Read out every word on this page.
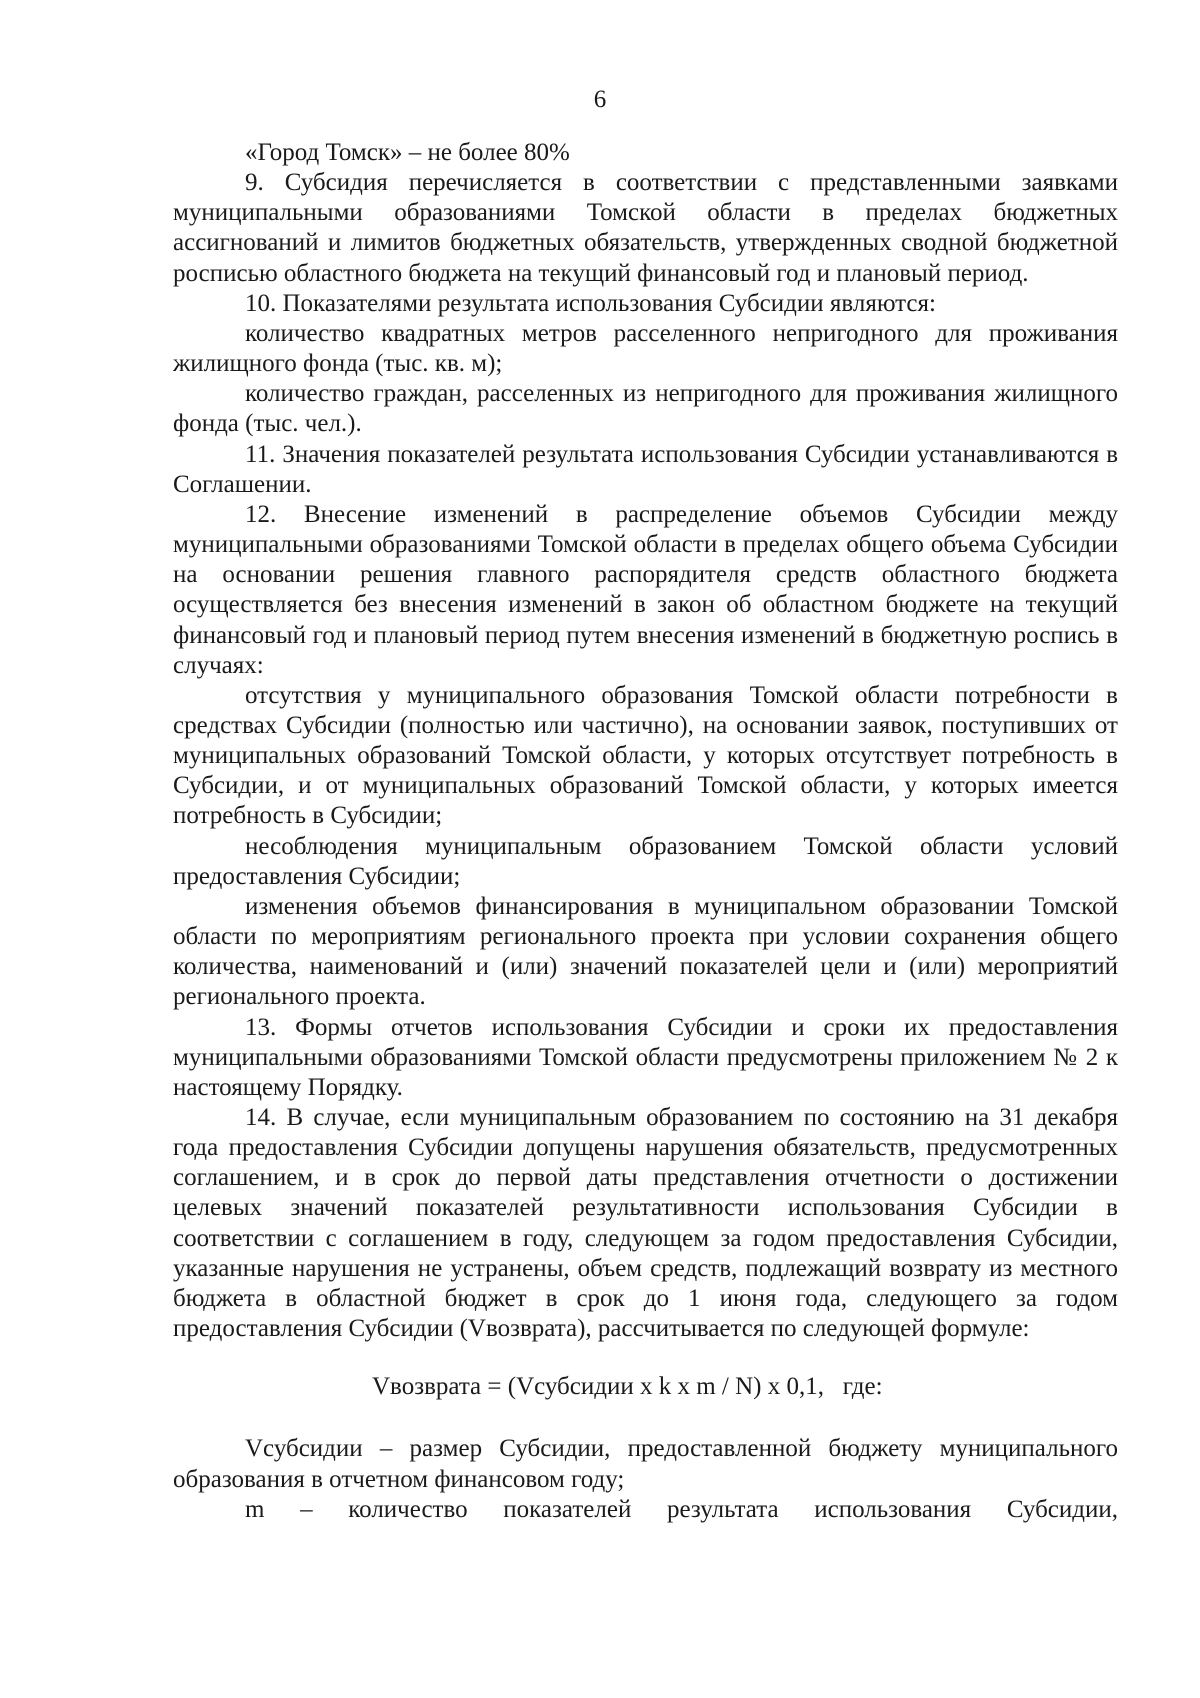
6

«Город Томск» – не более 80%

9. Субсидия перечисляется в соответствии с представленными заявками муниципальными образованиями Томской области в пределах бюджетных ассигнований и лимитов бюджетных обязательств, утвержденных сводной бюджетной росписью областного бюджета на текущий финансовый год и плановый период.

10. Показателями результата использования Субсидии являются:

количество квадратных метров расселенного непригодного для проживания жилищного фонда (тыс. кв. м);

количество граждан, расселенных из непригодного для проживания жилищного фонда (тыс. чел.).

11. Значения показателей результата использования Субсидии устанавливаются в Соглашении.

12. Внесение изменений в распределение объемов Субсидии между муниципальными образованиями Томской области в пределах общего объема Субсидии на основании решения главного распорядителя средств областного бюджета осуществляется без внесения изменений в закон об областном бюджете на текущий финансовый год и плановый период путем внесения изменений в бюджетную роспись в случаях:

отсутствия у муниципального образования Томской области потребности в средствах Субсидии (полностью или частично), на основании заявок, поступивших от муниципальных образований Томской области, у которых отсутствует потребность в Субсидии, и от муниципальных образований Томской области, у которых имеется потребность в Субсидии;

несоблюдения муниципальным образованием Томской области условий предоставления Субсидии;

изменения объемов финансирования в муниципальном образовании Томской области по мероприятиям регионального проекта при условии сохранения общего количества, наименований и (или) значений показателей цели и (или) мероприятий регионального проекта.

13. Формы отчетов использования Субсидии и сроки их предоставления муниципальными образованиями Томской области предусмотрены приложением № 2 к настоящему Порядку.

14. В случае, если муниципальным образованием по состоянию на 31 декабря года предоставления Субсидии допущены нарушения обязательств, предусмотренных соглашением, и в срок до первой даты представления отчетности о достижении целевых значений показателей результативности использования Субсидии в соответствии с соглашением в году, следующем за годом предоставления Субсидии, указанные нарушения не устранены, объем средств, подлежащий возврату из местного бюджета в областной бюджет в срок до 1 июня года, следующего за годом предоставления Субсидии (Vвозврата), рассчитывается по следующей формуле:

Vвозврата = (Vсубсидии x k x m / N) x 0,1,   где:

Vсубсидии – размер Субсидии, предоставленной бюджету муниципального образования в отчетном финансовом году;

m – количество показателей результата использования Субсидии,
